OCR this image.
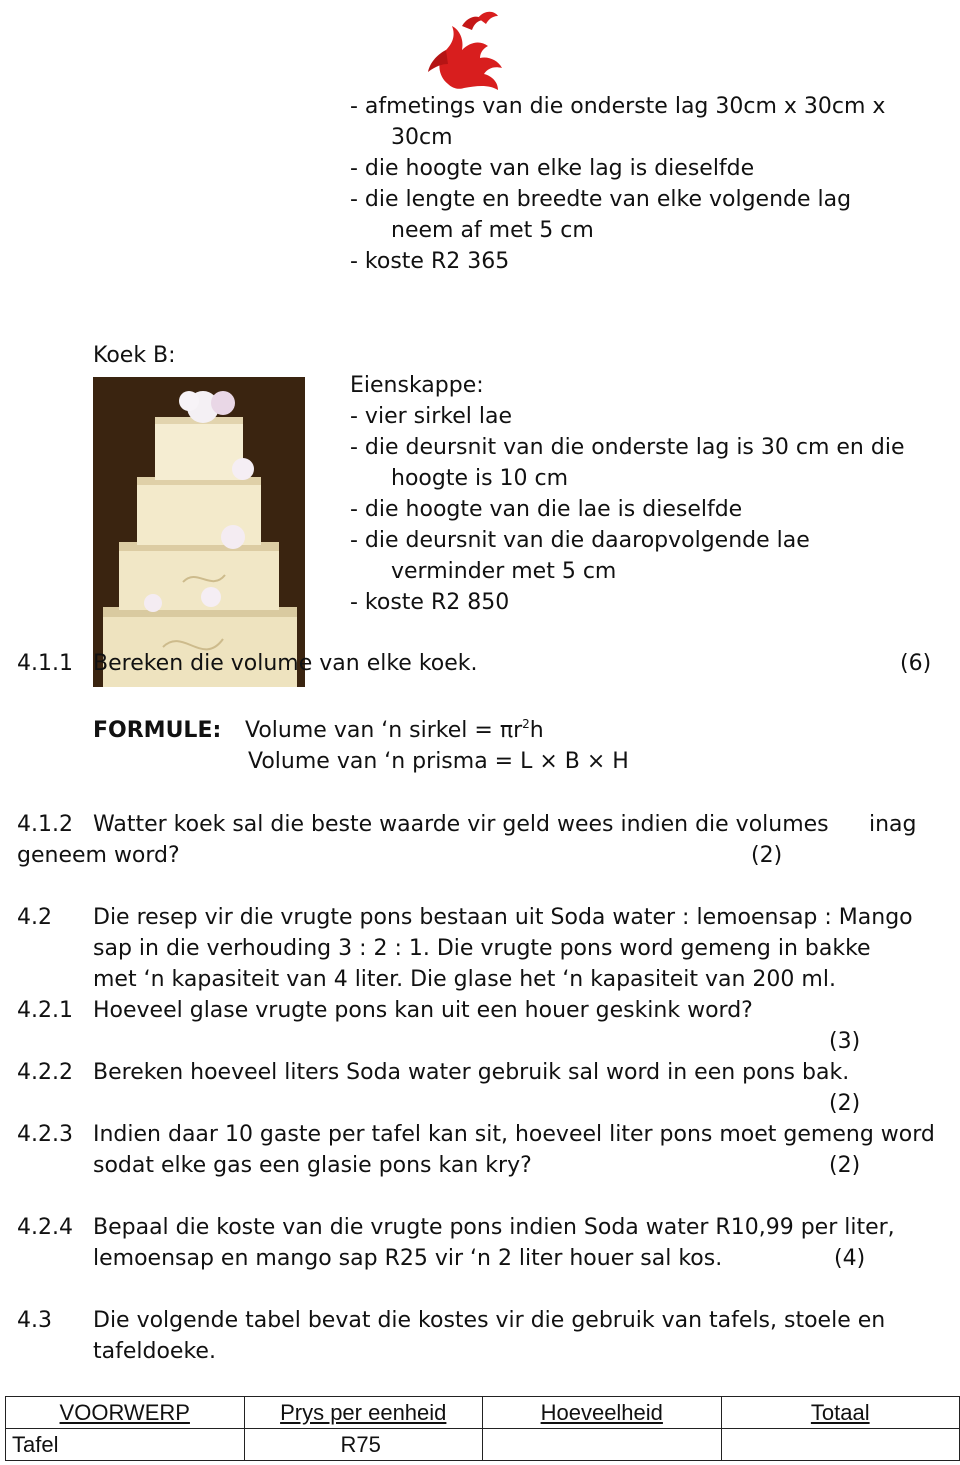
- afmetings van die onderste lag 30cm x 30cm x
30cm
- die hoogte van elke lag is dieselfde
- die lengte en breedte van elke volgende lag
neem af met 5 cm
- koste R2 365
Koek B:
Eienskappe:
- vier sirkel lae
- die deursnit van die onderste lag is 30 cm en die
hoogte is 10 cm
- die hoogte van die lae is dieselfde
- die deursnit van die daaropvolgende lae
verminder met 5 cm
- koste R2 850
4.1.1 Bereken die volume van elke koek.	(6)
FORMULE: Volume van ‘n sirkel = $\pi r^2h$
Volume van ‘n prisma = L × B × H
4.1.2 Watter koek sal die beste waarde vir geld wees indien die volumes inag
geneem word?	(2)
4.2 Die resep vir die vrugte pons bestaan uit Soda water : lemoensap : Mango
sap in die verhouding 3 : 2 : 1. Die vrugte pons word gemeng in bakke
met ‘n kapasiteit van 4 liter. Die glase het ‘n kapasiteit van 200 ml.
4.2.1 Hoeveel glase vrugte pons kan uit een houer geskink word?
(3)
4.2.2 Bereken hoeveel liters Soda water gebruik sal word in een pons bak.
(2)
4.2.3 Indien daar 10 gaste per tafel kan sit, hoeveel liter pons moet gemeng word
sodat elke gas een glasie pons kan kry?	(2)
4.2.4 Bepaal die koste van die vrugte pons indien Soda water R10,99 per liter,
lemoensap en mango sap R25 vir ‘n 2 liter houer sal kos.	(4)
4.3 Die volgende tabel bevat die kostes vir die gebruik van tafels, stoele en
tafeldoeke.
VOORWERP	Prys per eenheid	Hoeveelheid	Totaal
Tafel	R75		
